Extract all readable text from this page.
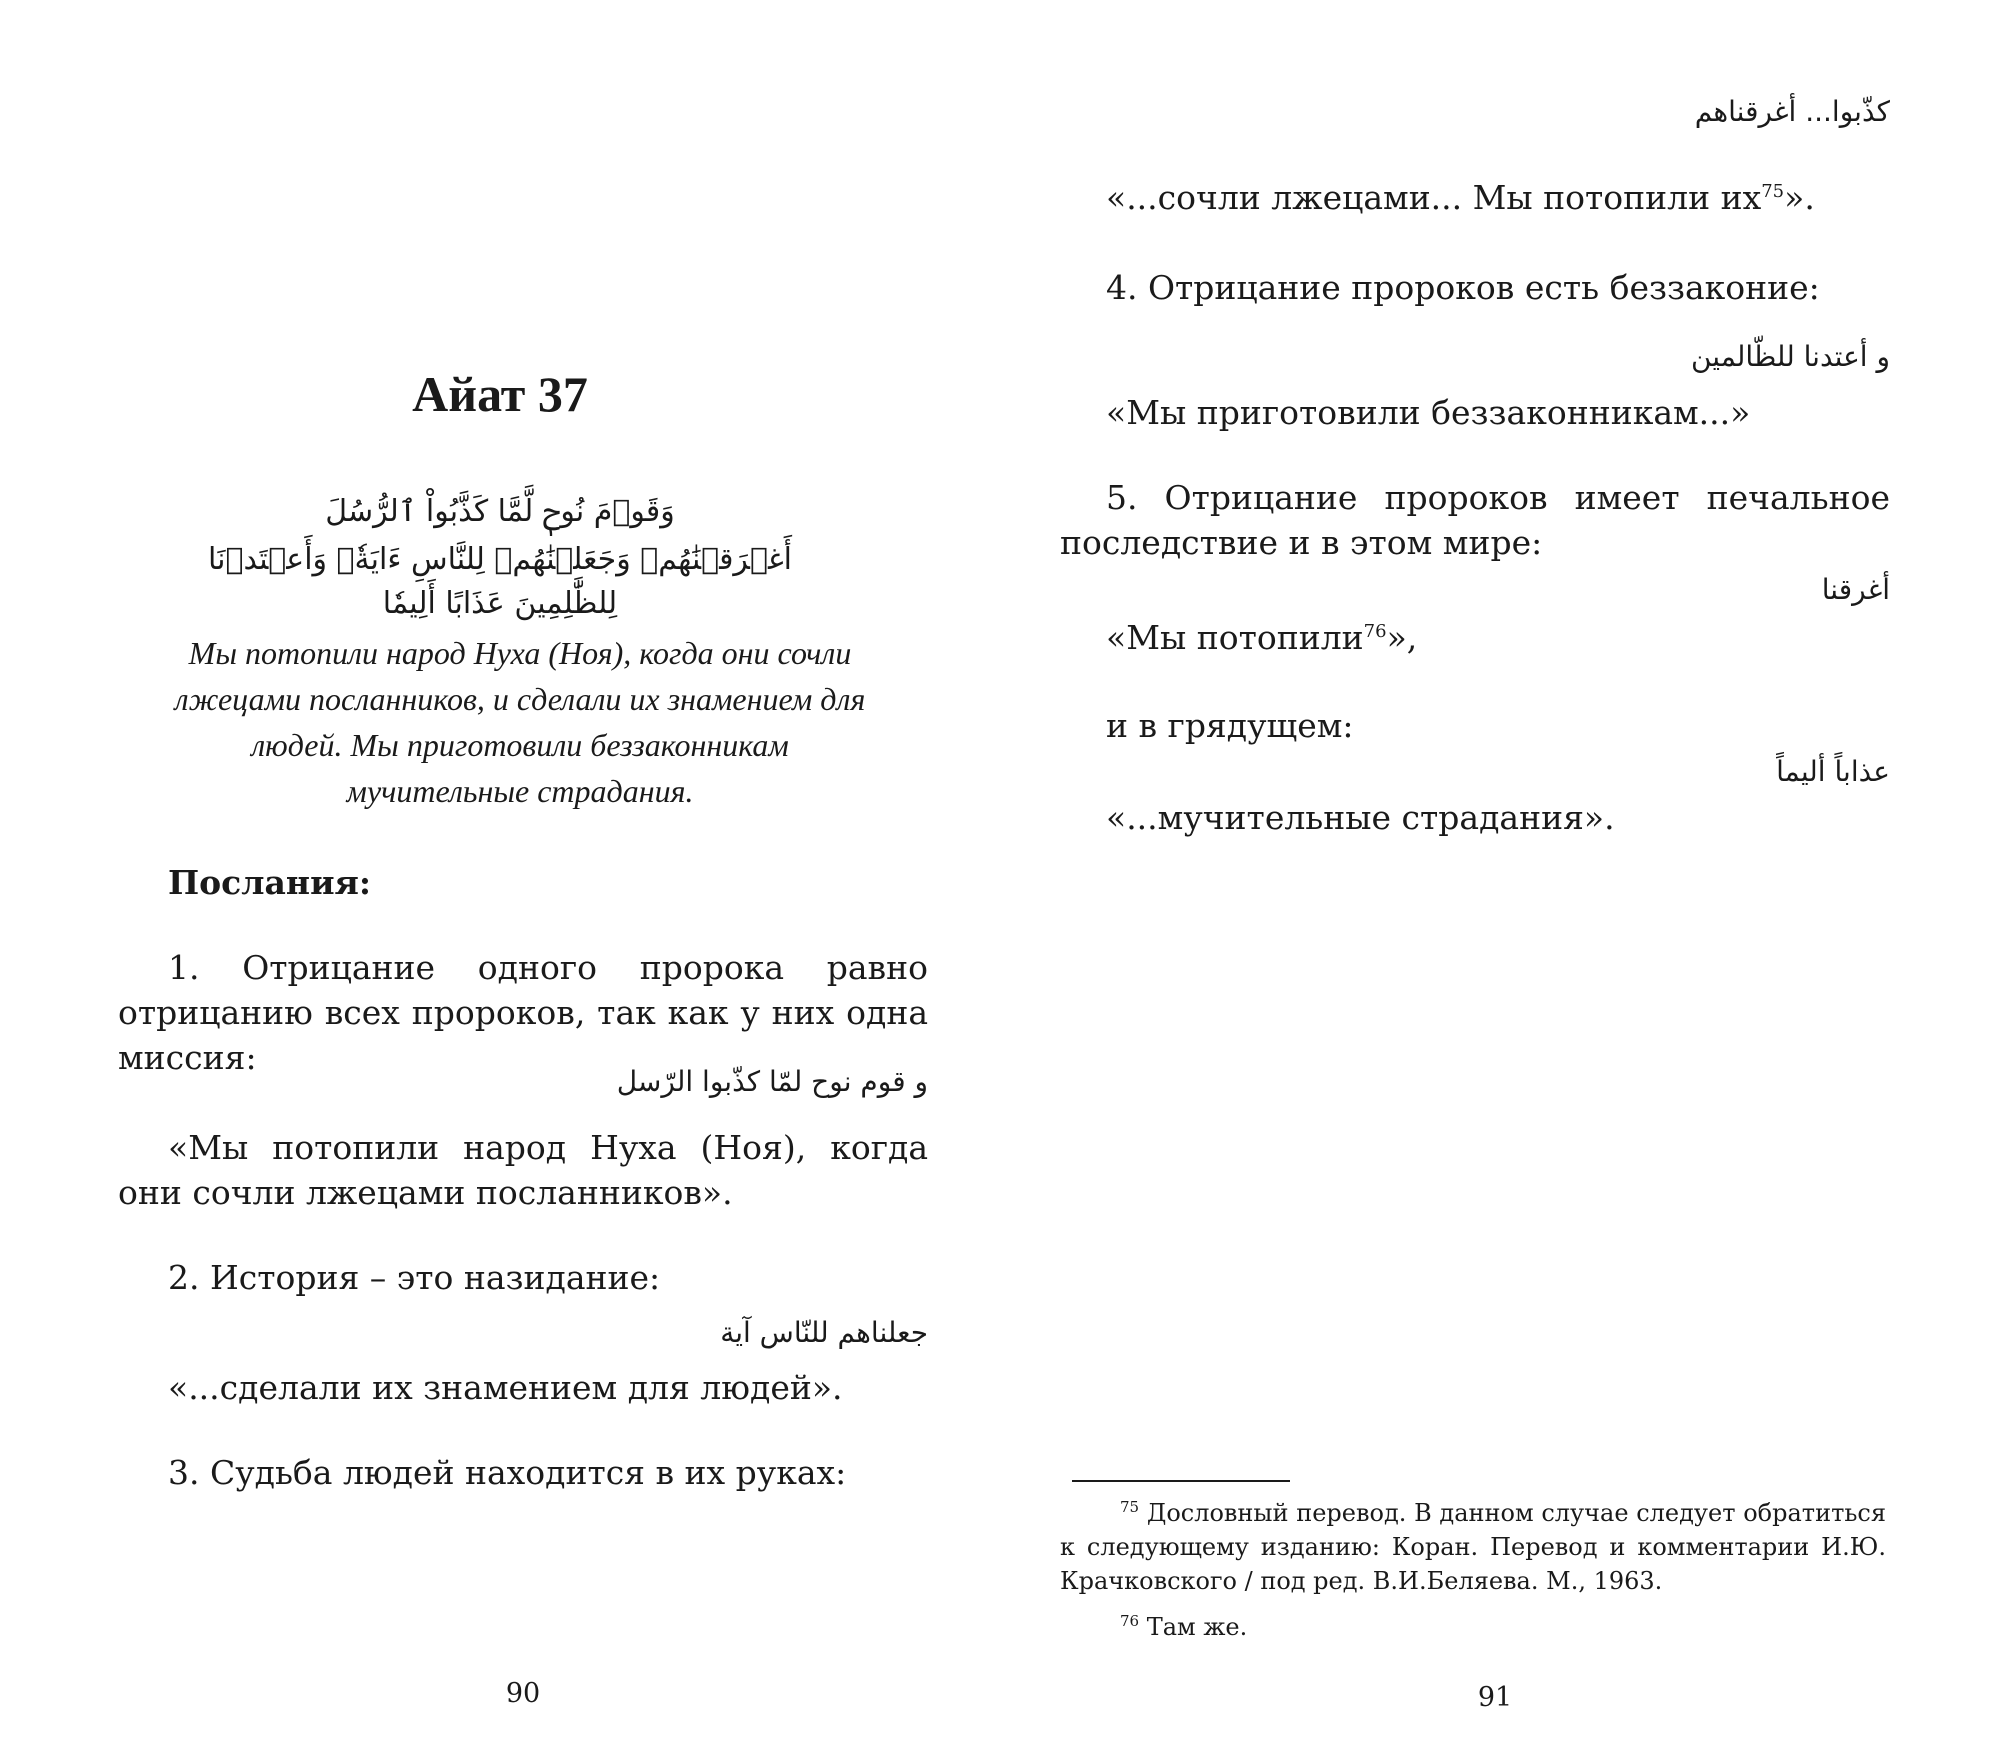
Айат 37
وَقَوۡمَ نُوحٖ لَّمَّا كَذَّبُواْ ٱلرُّسُلَ
أَغۡرَقۡنَٰهُمۡ وَجَعَلۡنَٰهُمۡ لِلنَّاسِ ءَايَةٗۖ وَأَعۡتَدۡنَا لِلظَّٰلِمِينَ عَذَابًا أَلِيمٗا

Мы потопили народ Нуха (Ноя), когда они сочли лжецами посланников, и сделали их знамением для людей. Мы приготовили беззаконникам мучительные страдания.

Послания:

1. Отрицание одного пророка равно отрицанию всех пророков, так как у них одна миссия:

و قوم نوح لمّا كذّبوا الرّسل

«Мы потопили народ Нуха (Ноя), когда они сочли лжецами посланников».

2. История – это назидание:

جعلناهم للنّاس آية

«...сделали их знамением для людей».

3. Судьба людей находится в их руках:

90
كذّبوا... أغرقناهم

«...сочли лжецами... Мы потопили $их^{75}$».

4. Отрицание пророков есть беззаконие:

و أعتدنا للظّالمين

«Мы приготовили беззаконникам...»

5. Отрицание пророков имеет печальное последствие и в этом мире:

أغرقنا

«Мы потопили$^{76}$»,

и в грядущем:

عذاباً أليماً

«...мучительные страдания».

$^{75}$ Дословный перевод. В данном случае следует обратиться к следующему изданию: Коран. Перевод и комментарии И.Ю. Крачковского / под ред. В.И.Беляева. М., 1963.

$^{76}$ Там же.

91
